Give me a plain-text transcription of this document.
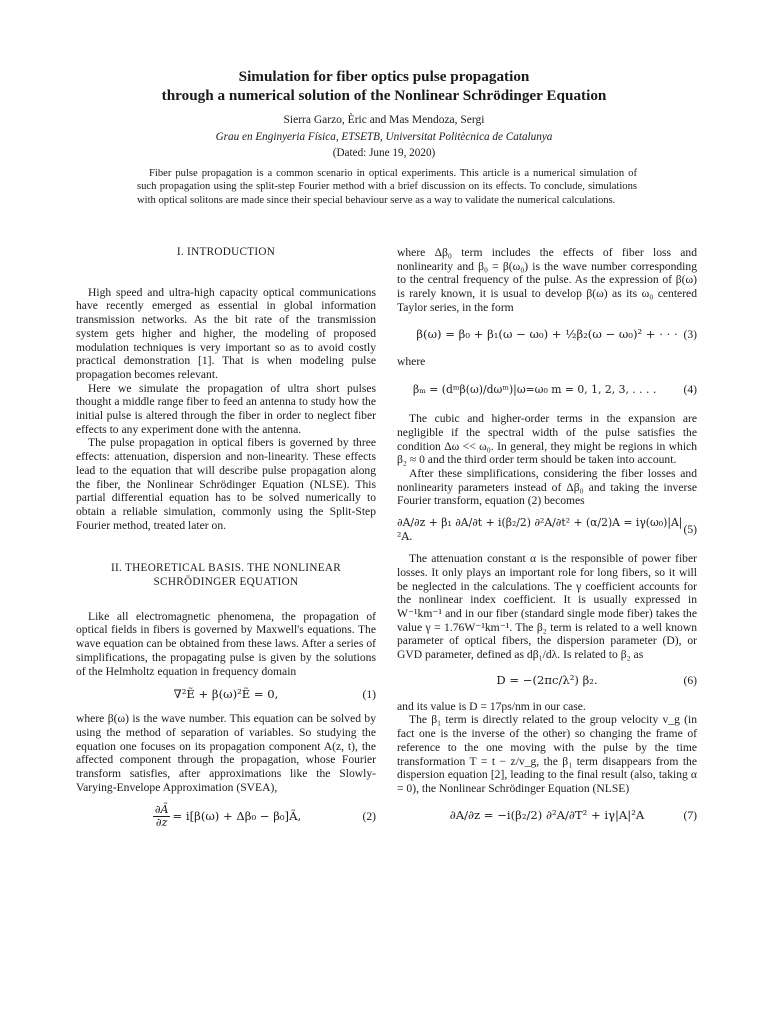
Simulation for fiber optics pulse propagation
through a numerical solution of the Nonlinear Schrödinger Equation
Sierra Garzo, Èric and Mas Mendoza, Sergi
Grau en Enginyeria Física, ETSETB, Universitat Politècnica de Catalunya
(Dated: June 19, 2020)
Fiber pulse propagation is a common scenario in optical experiments. This article is a numerical simulation of such propagation using the split-step Fourier method with a brief discussion on its effects. To conclude, simulations with optical solitons are made since their special behaviour serve as a way to validate the numerical calculations.
I. INTRODUCTION

High speed and ultra-high capacity optical communications have recently emerged as essential in global information transmission networks. As the bit rate of the transmission system gets higher and higher, the modeling of proposed modulation techniques is very important so as to avoid costly practical demonstration [1]. That is when modeling pulse propagation becomes relevant.

Here we simulate the propagation of ultra short pulses thought a middle range fiber to feed an antenna to study how the initial pulse is altered through the fiber in order to neglect fiber effects to any experiment done with the antenna.

The pulse propagation in optical fibers is governed by three effects: attenuation, dispersion and non-linearity. These effects lead to the equation that will describe pulse propagation along the fiber, the Nonlinear Schrödinger Equation (NLSE). This partial differential equation has to be solved numerically to obtain a reliable simulation, commonly using the Split-Step Fourier method, treated later on.

II. THEORETICAL BASIS. THE NONLINEAR
SCHRÖDINGER EQUATION

Like all electromagnetic phenomena, the propagation of optical fields in fibers is governed by Maxwell's equations. The wave equation can be obtained from these laws. After a series of simplifications, the propagating pulse is given by the solutions of the Helmholtz equation in frequency domain

∇²Ẽ + β(ω)²Ẽ = 0,	(1)

where β(ω) is the wave number. This equation can be solved by using the method of separation of variables. So studying the equation one focuses on its propagation component A(z, t), the affected component through the propagation, whose Fourier transform satisfies, after approximations like the Slowly-Varying-Envelope Approximation (SVEA),

$\frac{\partial Ã}{\partial z} = i[\beta(\omega) + \Delta\beta_0$ − β₀]Ã,	(2)

where Δβ₀ term includes the effects of fiber loss and nonlinearity and β₀ = β(ω₀) is the wave number corresponding to the central frequency of the pulse. As the expression of β(ω) is rarely known, it is usual to develop β(ω) as its ω₀ centered Taylor series, in the form

β(ω) = β₀ + β₁(ω − ω₀) + ½β₂(ω − ω₀)² + · · · (3)

where

βₘ = (dᵐβ(ω)/dωᵐ)|ω=ω₀ m = 0, 1, 2, 3, . . . . (4)

The cubic and higher-order terms in the expansion are negligible if the spectral width of the pulse satisfies the condition Δω << ω₀. In general, they might be regions in which β₂ ≈ 0 and the third order term should be taken into account.

After these simplifications, considering the fiber losses and nonlinearity parameters instead of Δβ₀ and taking the inverse Fourier transform, equation (2) becomes

∂A/∂z + β₁ ∂A/∂t + i(β₂/2) ∂²A/∂t² + (α/2)A = iγ(ω₀)|A|²A.
(5)

The attenuation constant α is the responsible of power fiber losses. It only plays an important role for long fibers, so it will be neglected in the calculations. The γ coefficient accounts for the nonlinear index coefficient. It is usually expressed in W⁻¹km⁻¹ and in our fiber (standard single mode fiber) takes the value γ = 1.76W⁻¹km⁻¹. The β₂ term is related to a well known parameter of optical fibers, the dispersion parameter (D), or GVD parameter, defined as dβ₁/dλ. Is related to β₂ as

D = −(2πc/λ²) β₂.	(6)

and its value is D = 17ps/nm in our case.

The β₁ term is directly related to the group velocity v_g (in fact one is the inverse of the other) so changing the frame of reference to the one moving with the pulse by the time transformation T = t − z/v_g, the β₁ term disappears from the dispersion equation [2], leading to the final result (also, taking α = 0), the Nonlinear Schrödinger Equation (NLSE)

∂A/∂z = −i(β₂/2) ∂²A/∂T² + iγ|A|²A	(7)
